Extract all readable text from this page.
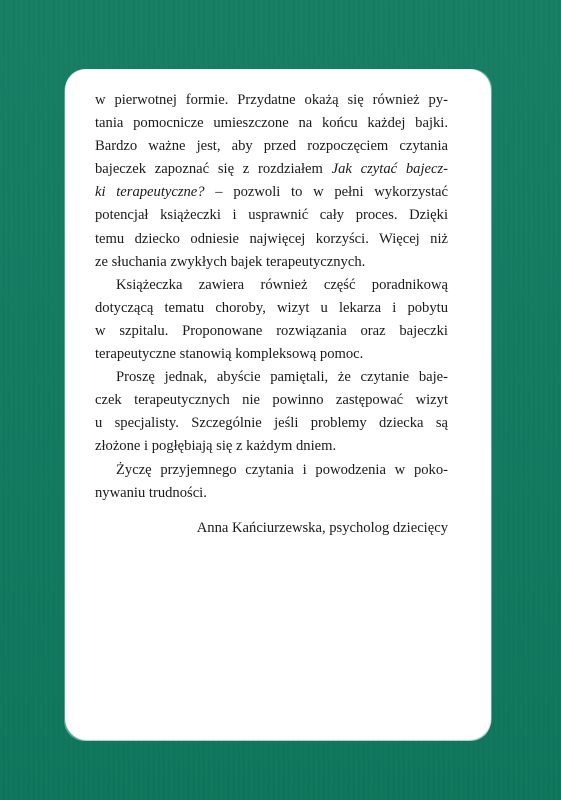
w pierwotnej formie. Przydatne okażą się również py-

tania pomocnicze umieszczone na końcu każdej bajki.

Bardzo ważne jest, aby przed rozpoczęciem czytania

bajeczek zapoznać się z rozdziałem Jak czytać bajecz-

ki terapeutyczne? – pozwoli to w pełni wykorzystać

potencjał książeczki i usprawnić cały proces. Dzięki

temu dziecko odniesie najwięcej korzyści. Więcej niż

ze słuchania zwykłych bajek terapeutycznych.

Książeczka zawiera również część poradnikową

dotyczącą tematu choroby, wizyt u lekarza i pobytu

w szpitalu. Proponowane rozwiązania oraz bajeczki

terapeutyczne stanowią kompleksową pomoc.

Proszę jednak, abyście pamiętali, że czytanie baje-

czek terapeutycznych nie powinno zastępować wizyt

u specjalisty. Szczególnie jeśli problemy dziecka są

złożone i pogłębiają się z każdym dniem.

Życzę przyjemnego czytania i powodzenia w poko-

nywaniu trudności.

Anna Kańciurzewska, psycholog dziecięcy
